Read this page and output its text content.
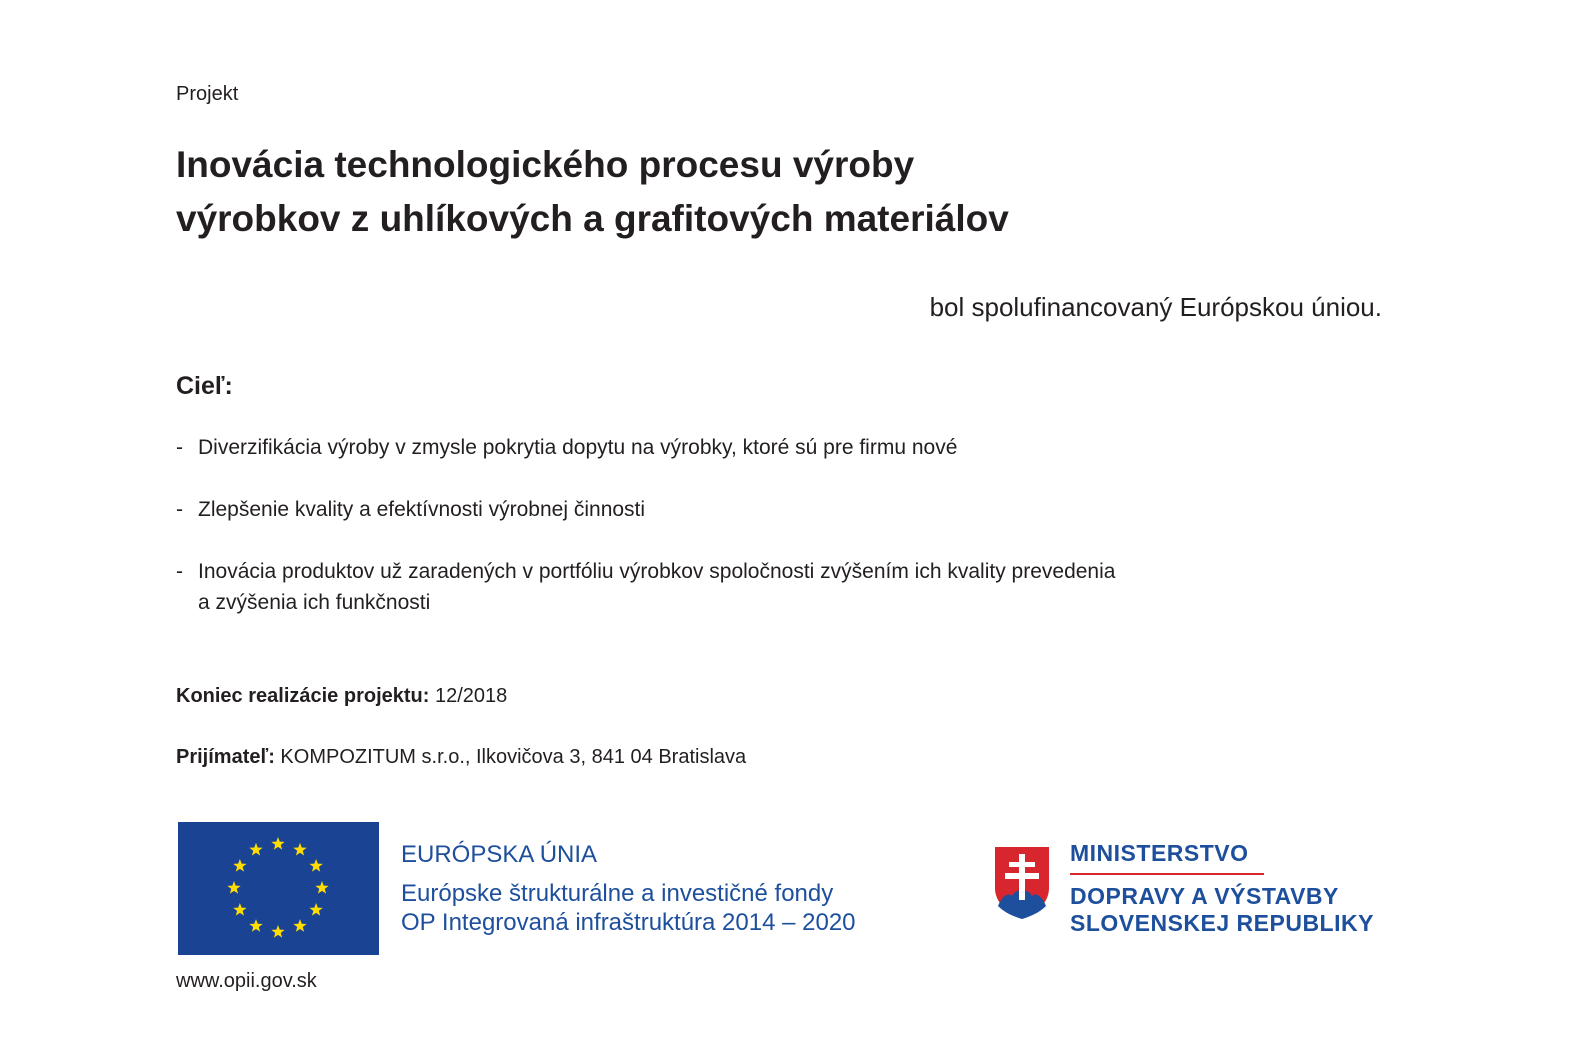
Projekt
Inovácia technologického procesu výroby
výrobkov z uhlíkových a grafitových materiálov
bol spolufinancovaný Európskou úniou.
Cieľ:
- Diverzifikácia výroby v zmysle pokrytia dopytu na výrobky, ktoré sú pre firmu nové
- Zlepšenie kvality a efektívnosti výrobnej činnosti
- Inovácia produktov už zaradených v portfóliu výrobkov spoločnosti zvýšením ich kvality prevedenia
a zvýšenia ich funkčnosti
Koniec realizácie projektu: 12/2018
Prijímateľ: KOMPOZITUM s.r.o., Ilkovičova 3, 841 04 Bratislava
EURÓPSKA ÚNIA
Európske štrukturálne a investičné fondy
OP Integrovaná infraštruktúra 2014 – 2020
www.opii.gov.sk
MINISTERSTVO
DOPRAVY A VÝSTAVBY
SLOVENSKEJ REPUBLIKY
